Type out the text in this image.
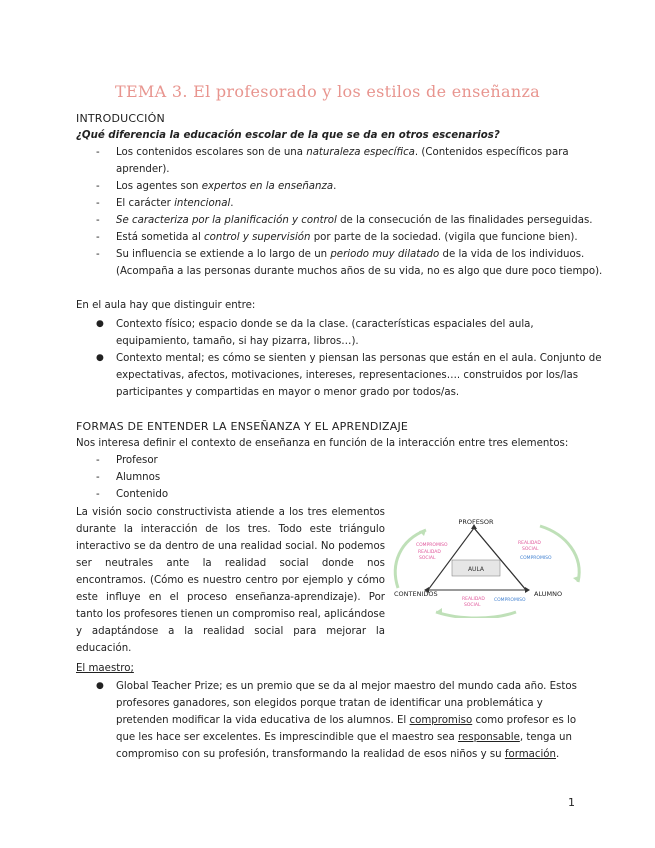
TEMA 3. El profesorado y los estilos de enseñanza
INTRODUCCIÓN
¿Qué diferencia la educación escolar de la que se da en otros escenarios?
- Los contenidos escolares son de una naturaleza específica. (Contenidos específicos para
aprender).
- Los agentes son expertos en la enseñanza.
- El carácter intencional.
- Se caracteriza por la planificación y control de la consecución de las finalidades perseguidas.
- Está sometida al control y supervisión por parte de la sociedad. (vigila que funcione bien).
- Su influencia se extiende a lo largo de un periodo muy dilatado de la vida de los individuos.
(Acompaña a las personas durante muchos años de su vida, no es algo que dure poco tiempo).
En el aula hay que distinguir entre:
● Contexto físico; espacio donde se da la clase. (características espaciales del aula,
equipamiento, tamaño, si hay pizarra, libros…).
● Contexto mental; es cómo se sienten y piensan las personas que están en el aula. Conjunto de
expectativas, afectos, motivaciones, intereses, representaciones…. construidos por los/las
participantes y compartidas en mayor o menor grado por todos/as.
FORMAS DE ENTENDER LA ENSEÑANZA Y EL APRENDIZAJE
Nos interesa definir el contexto de enseñanza en función de la interacción entre tres elementos:
- Profesor
- Alumnos
- Contenido
La visión socio constructivista atiende a los tres elementos durante la interacción de los tres. Todo este triángulo interactivo se da dentro de una realidad social. No podemos ser neutrales ante la realidad social donde nos encontramos. (Cómo es nuestro centro por ejemplo y cómo este influye en el proceso enseñanza-aprendizaje). Por tanto los profesores tienen un compromiso real, aplicándose y adaptándose a la realidad social para mejorar la educación.
AULA
PROFESOR
CONTENIDOS	ALUMNO
COMPROMISO
REALIDAD
SOCIAL
REALIDAD
SOCIAL
COMPROMISO
REALIDAD
SOCIAL
COMPROMISO
El maestro;
● Global Teacher Prize; es un premio que se da al mejor maestro del mundo cada año. Estos
profesores ganadores, son elegidos porque tratan de identificar una problemática y
pretenden modificar la vida educativa de los alumnos. El compromiso como profesor es lo
que les hace ser excelentes. Es imprescindible que el maestro sea responsable, tenga un
compromiso con su profesión, transformando la realidad de esos niños y su formación.
1
